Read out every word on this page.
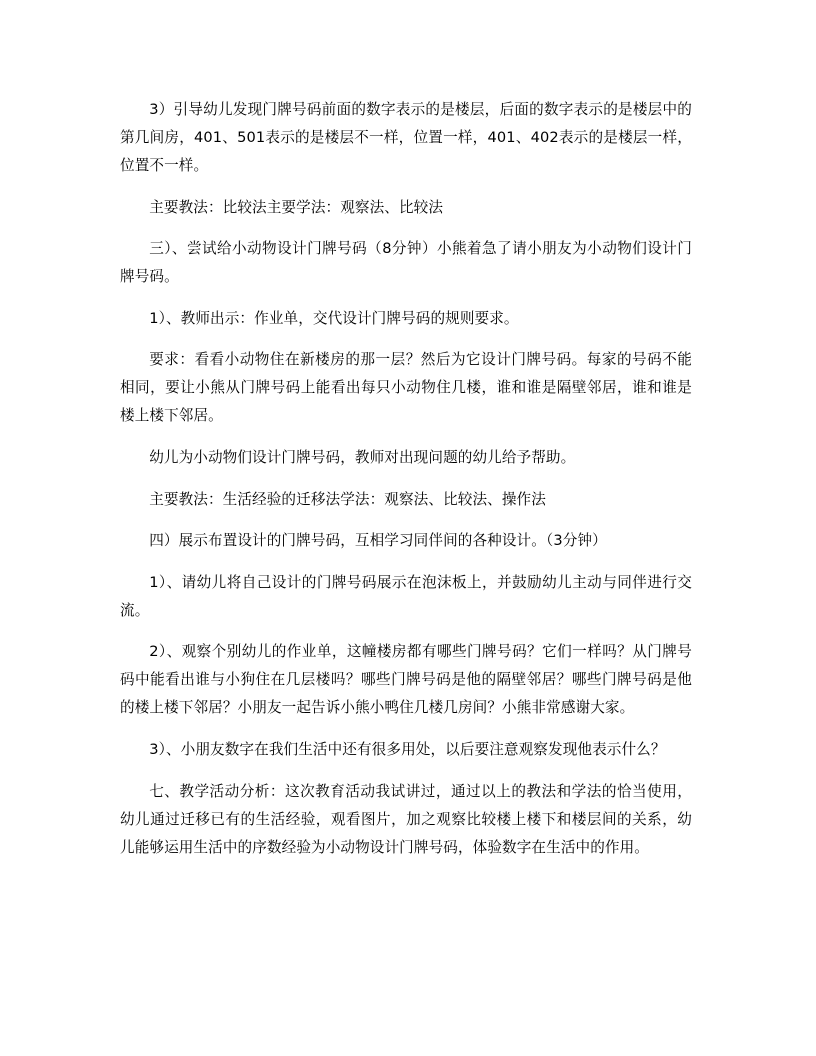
3）引导幼儿发现门牌号码前面的数字表示的是楼层，后面的数字表示的是楼层中的第几间房，401、501表示的是楼层不一样，位置一样，401、402表示的是楼层一样，位置不一样。

主要教法：比较法主要学法：观察法、比较法

三）、尝试给小动物设计门牌号码（8分钟）小熊着急了请小朋友为小动物们设计门牌号码。

1）、教师出示：作业单，交代设计门牌号码的规则要求。

要求：看看小动物住在新楼房的那一层？然后为它设计门牌号码。每家的号码不能相同，要让小熊从门牌号码上能看出每只小动物住几楼，谁和谁是隔壁邻居，谁和谁是楼上楼下邻居。

幼儿为小动物们设计门牌号码，教师对出现问题的幼儿给予帮助。

主要教法：生活经验的迁移法学法：观察法、比较法、操作法

四）展示布置设计的门牌号码，互相学习同伴间的各种设计。（3分钟）

1）、请幼儿将自己设计的门牌号码展示在泡沫板上，并鼓励幼儿主动与同伴进行交流。

2）、观察个别幼儿的作业单，这幢楼房都有哪些门牌号码？它们一样吗？从门牌号码中能看出谁与小狗住在几层楼吗？哪些门牌号码是他的隔壁邻居？哪些门牌号码是他的楼上楼下邻居？小朋友一起告诉小熊小鸭住几楼几房间？小熊非常感谢大家。

3）、小朋友数字在我们生活中还有很多用处，以后要注意观察发现他表示什么？

七、教学活动分析：这次教育活动我试讲过，通过以上的教法和学法的恰当使用，幼儿通过迁移已有的生活经验，观看图片，加之观察比较楼上楼下和楼层间的关系，幼儿能够运用生活中的序数经验为小动物设计门牌号码，体验数字在生活中的作用。
